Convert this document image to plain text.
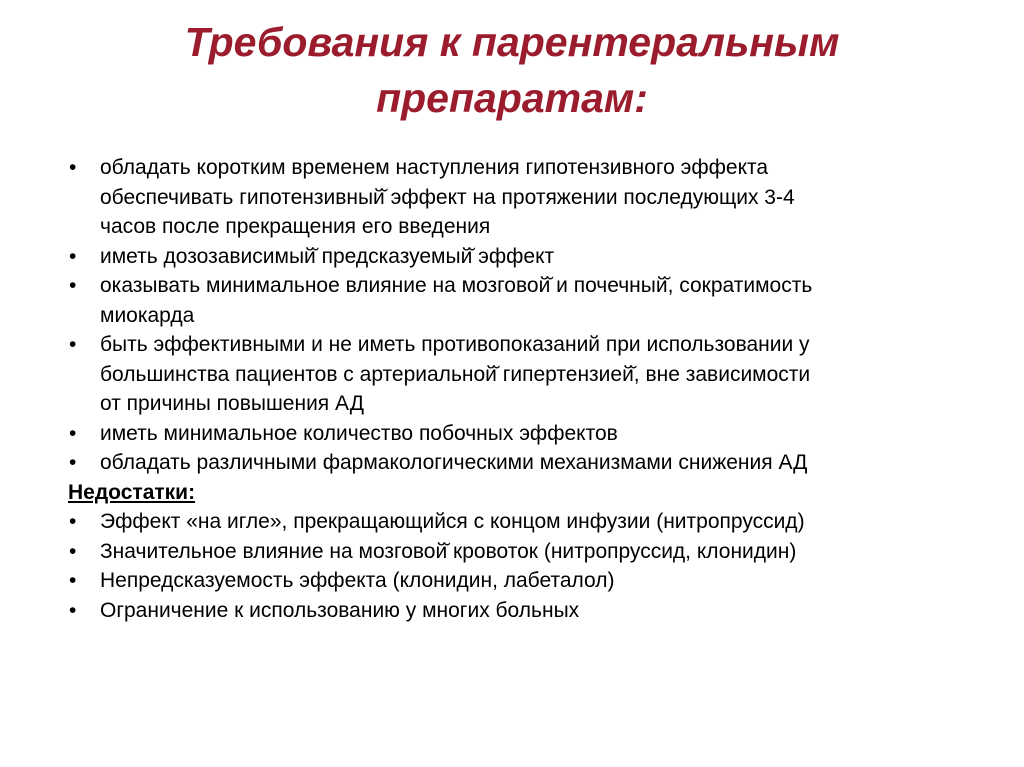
Требования к парентеральным
препаратам:
• обладать коротким временем наступления гипотензивного эффекта
обеспечивать гипотензивный̆ эффект на протяжении последующих 3-4
часов после прекращения его введения
• иметь дозозависимый̆ предсказуемый̆ эффект
• оказывать минимальное влияние на мозговой̆ и почечный̆, сократимость
миокарда
• быть эффективными и не иметь противопоказаний при использовании у
большинства пациентов с артериальной̆ гипертензией̆, вне зависимости
от причины повышения АД
• иметь минимальное количество побочных эффектов
• обладать различными фармакологическими механизмами снижения АД
Недостатки:
• Эффект «на игле», прекращающийся с концом инфузии (нитропруссид)
• Значительное влияние на мозговой̆ кровоток (нитропруссид, клонидин)
• Непредсказуемость эффекта (клонидин, лабеталол)
• Ограничение к использованию у многих больных
